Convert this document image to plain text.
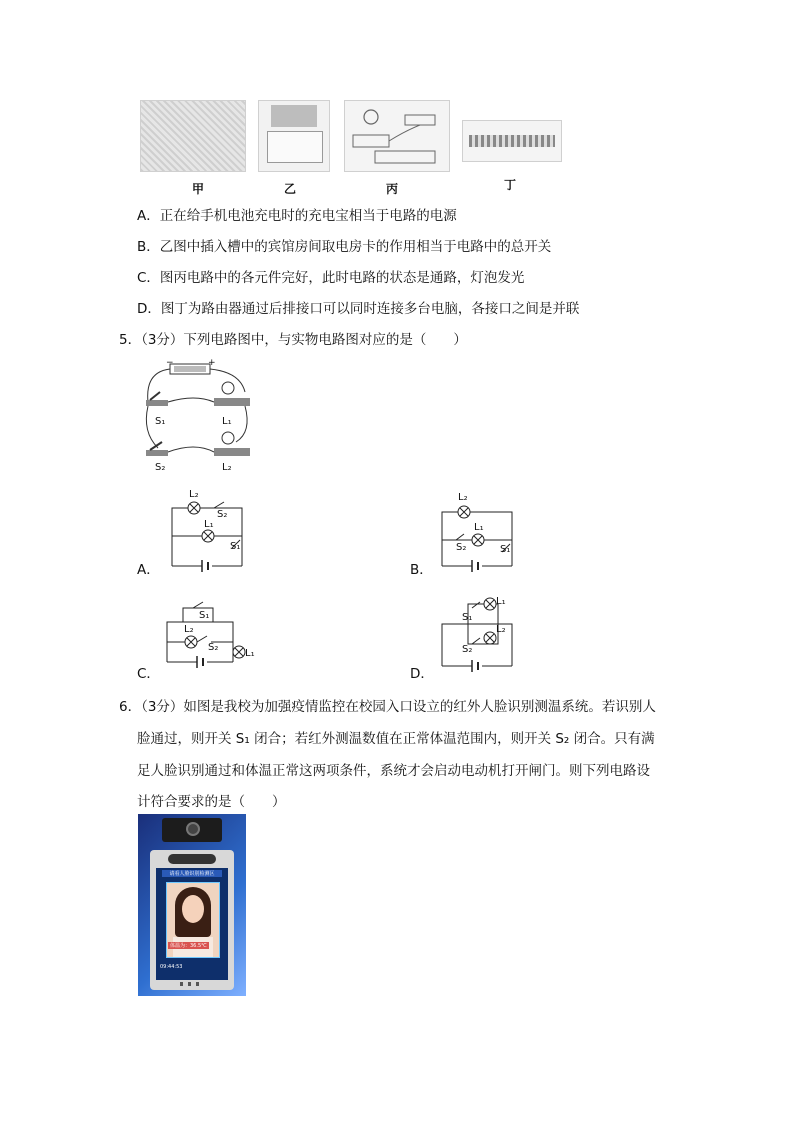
甲	乙	丙	丁
A．正在给手机电池充电时的充电宝相当于电路的电源
B．乙图中插入槽中的宾馆房间取电房卡的作用相当于电路中的总开关
C．图丙电路中的各元件完好，此时电路的状态是通路，灯泡发光
D．图丁为路由器通过后排接口可以同时连接多台电脑，各接口之间是并联
5．（3分）下列电路图中，与实物电路图对应的是（　　）
−	+
S₁	L₁
S₂	L₂
L₂
S₂
L₁
S₁
A．
L₂
L₁
S₂	S₁
B．
S₁
L₂
S₂
L₁
C．
L₁
S₁
L₂
S₂
D．
6．（3分）如图是我校为加强疫情监控在校园入口设立的红外人脸识别测温系统。若识别人
脸通过，则开关 S₁ 闭合；若红外测温数值在正常体温范围内，则开关 S₂ 闭合。只有满
足人脸识别通过和体温正常这两项条件，系统才会启动电动机打开闸门。则下列电路设
计符合要求的是（　　）
请看人脸识别检测区
体温为：36.5℃
09:44:53
